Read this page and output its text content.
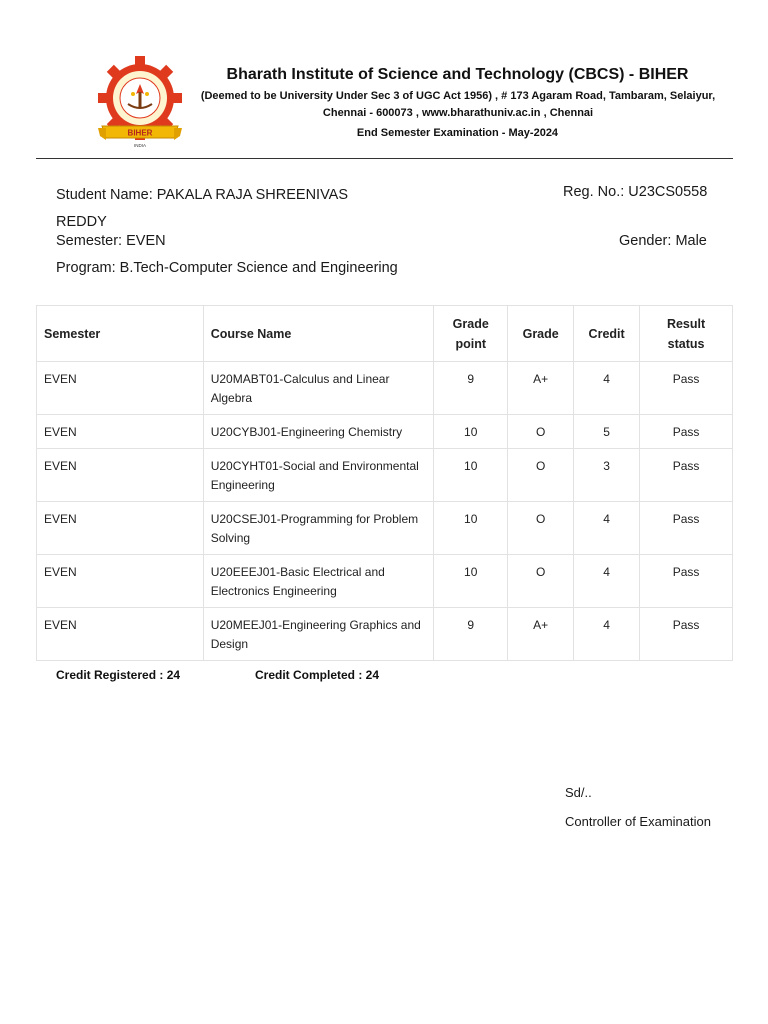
BIHER
INDIA
Bharath Institute of Science and Technology (CBCS) - BIHER
(Deemed to be University Under Sec 3 of UGC Act 1956) , # 173 Agaram Road, Tambaram, Selaiyur,
Chennai - 600073 , www.bharathuniv.ac.in , Chennai
End Semester Examination - May-2024
Student Name: PAKALA RAJA SHREENIVAS
REDDY
Reg. No.: U23CS0558
Semester: EVEN	Gender: Male
Program: B.Tech-Computer Science and Engineering
Semester	Course Name	Grade
point	Grade	Credit	Result status
EVEN	U20MABT01-Calculus and Linear
Algebra	9	A+	4	Pass
EVEN	U20CYBJ01-Engineering Chemistry	10	O	5	Pass
EVEN	U20CYHT01-Social and Environmental
Engineering	10	O	3	Pass
EVEN	U20CSEJ01-Programming for Problem
Solving	10	O	4	Pass
EVEN	U20EEEJ01-Basic Electrical and
Electronics Engineering	10	O	4	Pass
EVEN	U20MEEJ01-Engineering Graphics and
Design	9	A+	4	Pass
Credit Registered : 24	Credit Completed : 24
Sd/..
Controller of Examination
